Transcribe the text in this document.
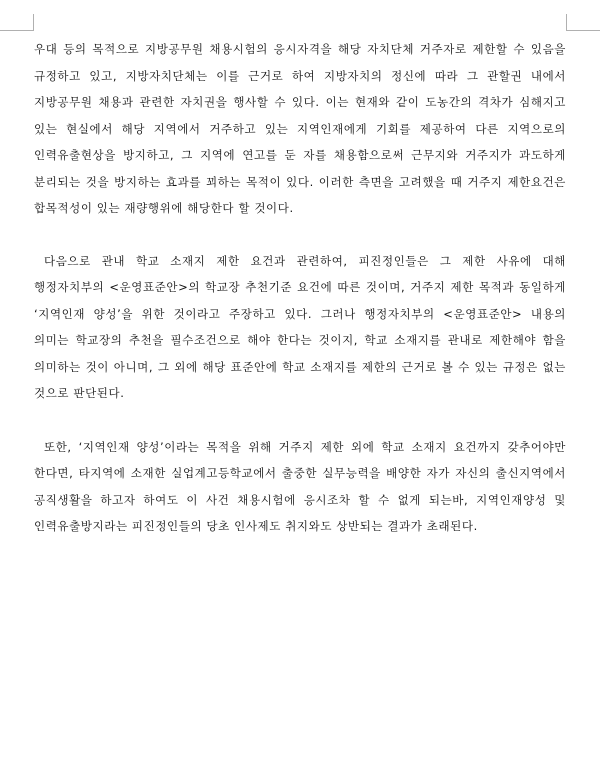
우대 등의 목적으로 지방공무원 채용시험의 응시자격을 해당 자치단체 거주자로 제한할 수 있음을 규정하고 있고, 지방자치단체는 이를 근거로 하여 지방자치의 정신에 따라 그 관할권 내에서 지방공무원 채용과 관련한 자치권을 행사할 수 있다. 이는 현재와 같이 도농간의 격차가 심해지고 있는 현실에서 해당 지역에서 거주하고 있는 지역인재에게 기회를 제공하여 다른 지역으로의 인력유출현상을 방지하고, 그 지역에 연고를 둔 자를 채용함으로써 근무지와 거주지가 과도하게 분리되는 것을 방지하는 효과를 꾀하는 목적이 있다. 이러한 측면을 고려했을 때 거주지 제한요건은 합목적성이 있는 재량행위에 해당한다 할 것이다.

다음으로 관내 학교 소재지 제한 요건과 관련하여, 피진정인들은 그 제한 사유에 대해 행정자치부의 <운영표준안>의 학교장 추천기준 요건에 따른 것이며, 거주지 제한 목적과 동일하게 ‘지역인재 양성’을 위한 것이라고 주장하고 있다. 그러나 행정자치부의 <운영표준안> 내용의 의미는 학교장의 추천을 필수조건으로 해야 한다는 것이지, 학교 소재지를 관내로 제한해야 함을 의미하는 것이 아니며, 그 외에 해당 표준안에 학교 소재지를 제한의 근거로 볼 수 있는 규정은 없는 것으로 판단된다.

또한, ‘지역인재 양성’이라는 목적을 위해 거주지 제한 외에 학교 소재지 요건까지 갖추어야만 한다면, 타지역에 소재한 실업계고등학교에서 출중한 실무능력을 배양한 자가 자신의 출신지역에서 공직생활을 하고자 하여도 이 사건 채용시험에 응시조차 할 수 없게 되는바, 지역인재양성 및 인력유출방지라는 피진정인들의 당초 인사제도 취지와도 상반되는 결과가 초래된다.
